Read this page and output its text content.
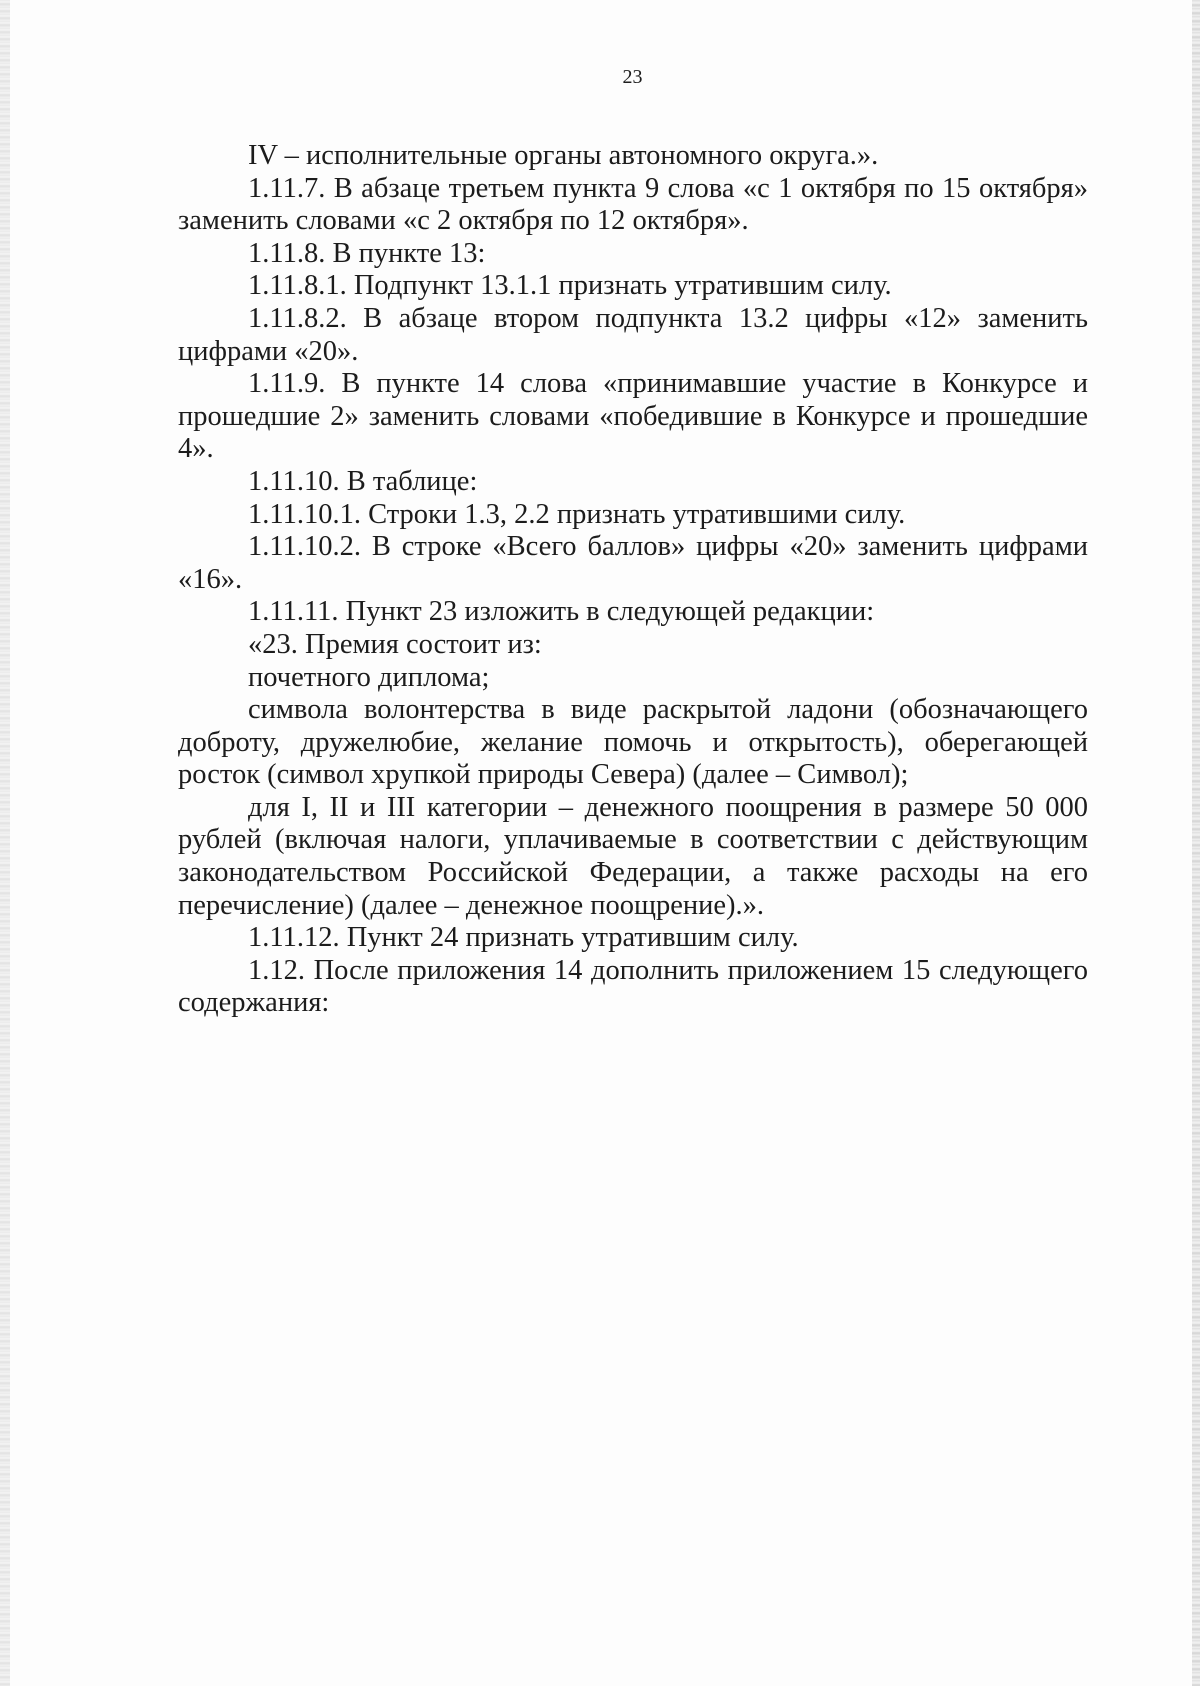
23

IV – исполнительные органы автономного округа.».

1.11.7. В абзаце третьем пункта 9 слова «с 1 октября по 15 октября» заменить словами «с 2 октября по 12 октября».

1.11.8. В пункте 13:

1.11.8.1. Подпункт 13.1.1 признать утратившим силу.

1.11.8.2. В абзаце втором подпункта 13.2 цифры «12» заменить цифрами «20».

1.11.9. В пункте 14 слова «принимавшие участие в Конкурсе и прошедшие 2» заменить словами «победившие в Конкурсе и прошедшие 4».

1.11.10. В таблице:

1.11.10.1. Строки 1.3, 2.2 признать утратившими силу.

1.11.10.2. В строке «Всего баллов» цифры «20» заменить цифрами «16».

1.11.11. Пункт 23 изложить в следующей редакции:

«23. Премия состоит из:

почетного диплома;

символа волонтерства в виде раскрытой ладони (обозначающего доброту, дружелюбие, желание помочь и открытость), оберегающей росток (символ хрупкой природы Севера) (далее – Символ);

для I, II и III категории – денежного поощрения в размере 50 000 рублей (включая налоги, уплачиваемые в соответствии с действующим законодательством Российской Федерации, а также расходы на его перечисление) (далее – денежное поощрение).».

1.11.12. Пункт 24 признать утратившим силу.

1.12. После приложения 14 дополнить приложением 15 следующего содержания:
